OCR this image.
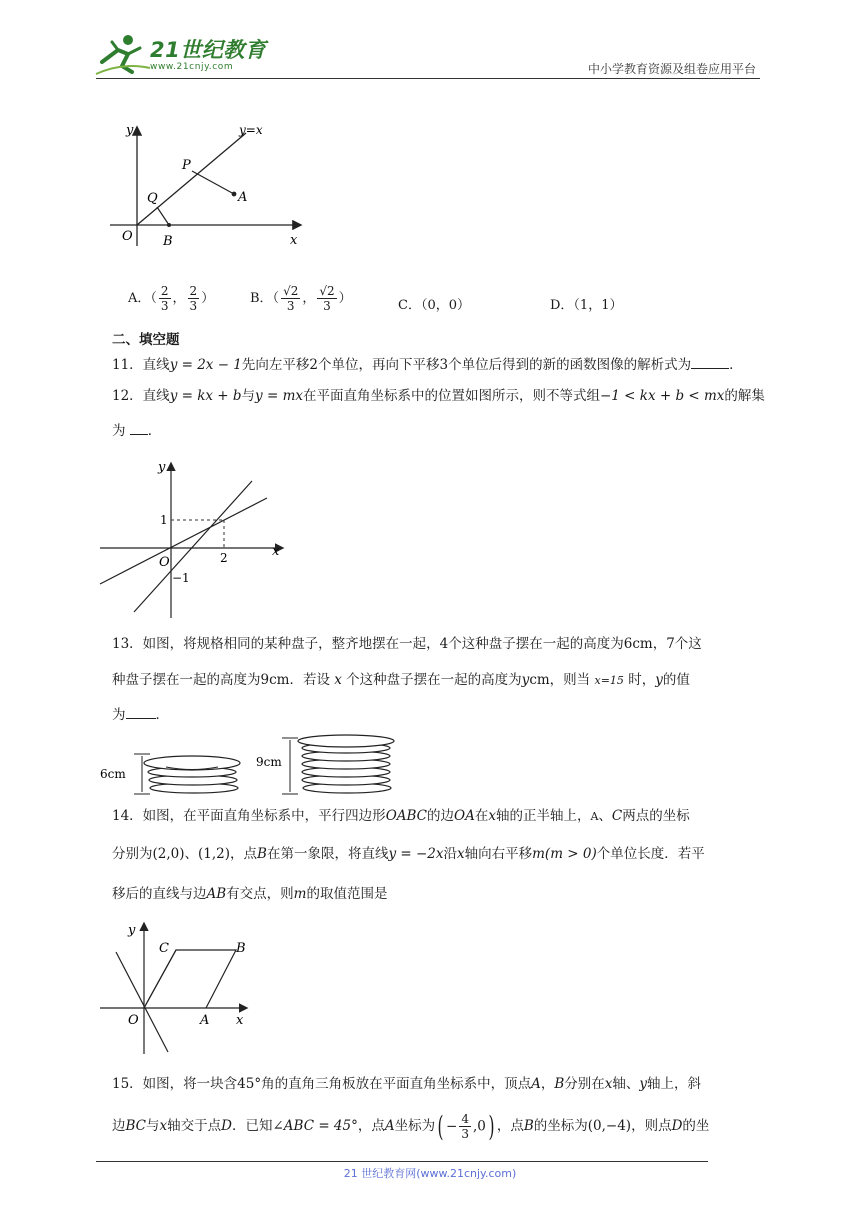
21世纪教育
www.21cnjy.com	中小学教育资源及组卷应用平台
y
x
y=x
P
Q	A
O B
A．（ $\frac{2}{3}$ ， $\frac{2}{3}$ ）	B．（ $\frac{√2}{3}$ ， $\frac{√2}{3}$ ）	C．（0，0）	D．（1，1）
二、填空题
11．直线y = 2x − 1先向左平移2个单位，再向下平移3个单位后得到的新的函数图像的解析式为	．
12．直线y = kx + b与y = mx在平面直角坐标系中的位置如图所示，则不等式组−1 < kx + b < mx的解集
为 ．
y
x
1
2
O
−1
13．如图，将规格相同的某种盘子，整齐地摆在一起，4个这种盘子摆在一起的高度为6cm，7个这
种盘子摆在一起的高度为9cm．若设 x 个这种盘子摆在一起的高度为ycm，则当 x=15 时，y的值
为 ．
6cm
9cm
14．如图，在平面直角坐标系中，平行四边形OABC的边OA在x轴的正半轴上，A、C两点的坐标
分别为(2,0)、(1,2)，点B在第一象限，将直线y = −2x沿x轴向右平移m(m > 0)个单位长度．若平
移后的直线与边AB有交点，则m的取值范围是
y
x
C	B
O	A
15．如图，将一块含45°角的直角三角板放在平面直角坐标系中，顶点A，B分别在x轴、y轴上，斜
边BC与x轴交于点D．已知∠ABC = 45°，点A坐标为( − $\frac{4}{3} ,0$) ，点B的坐标为(0,−4)，则点D的坐
21 世纪教育网(www.21cnjy.com)
